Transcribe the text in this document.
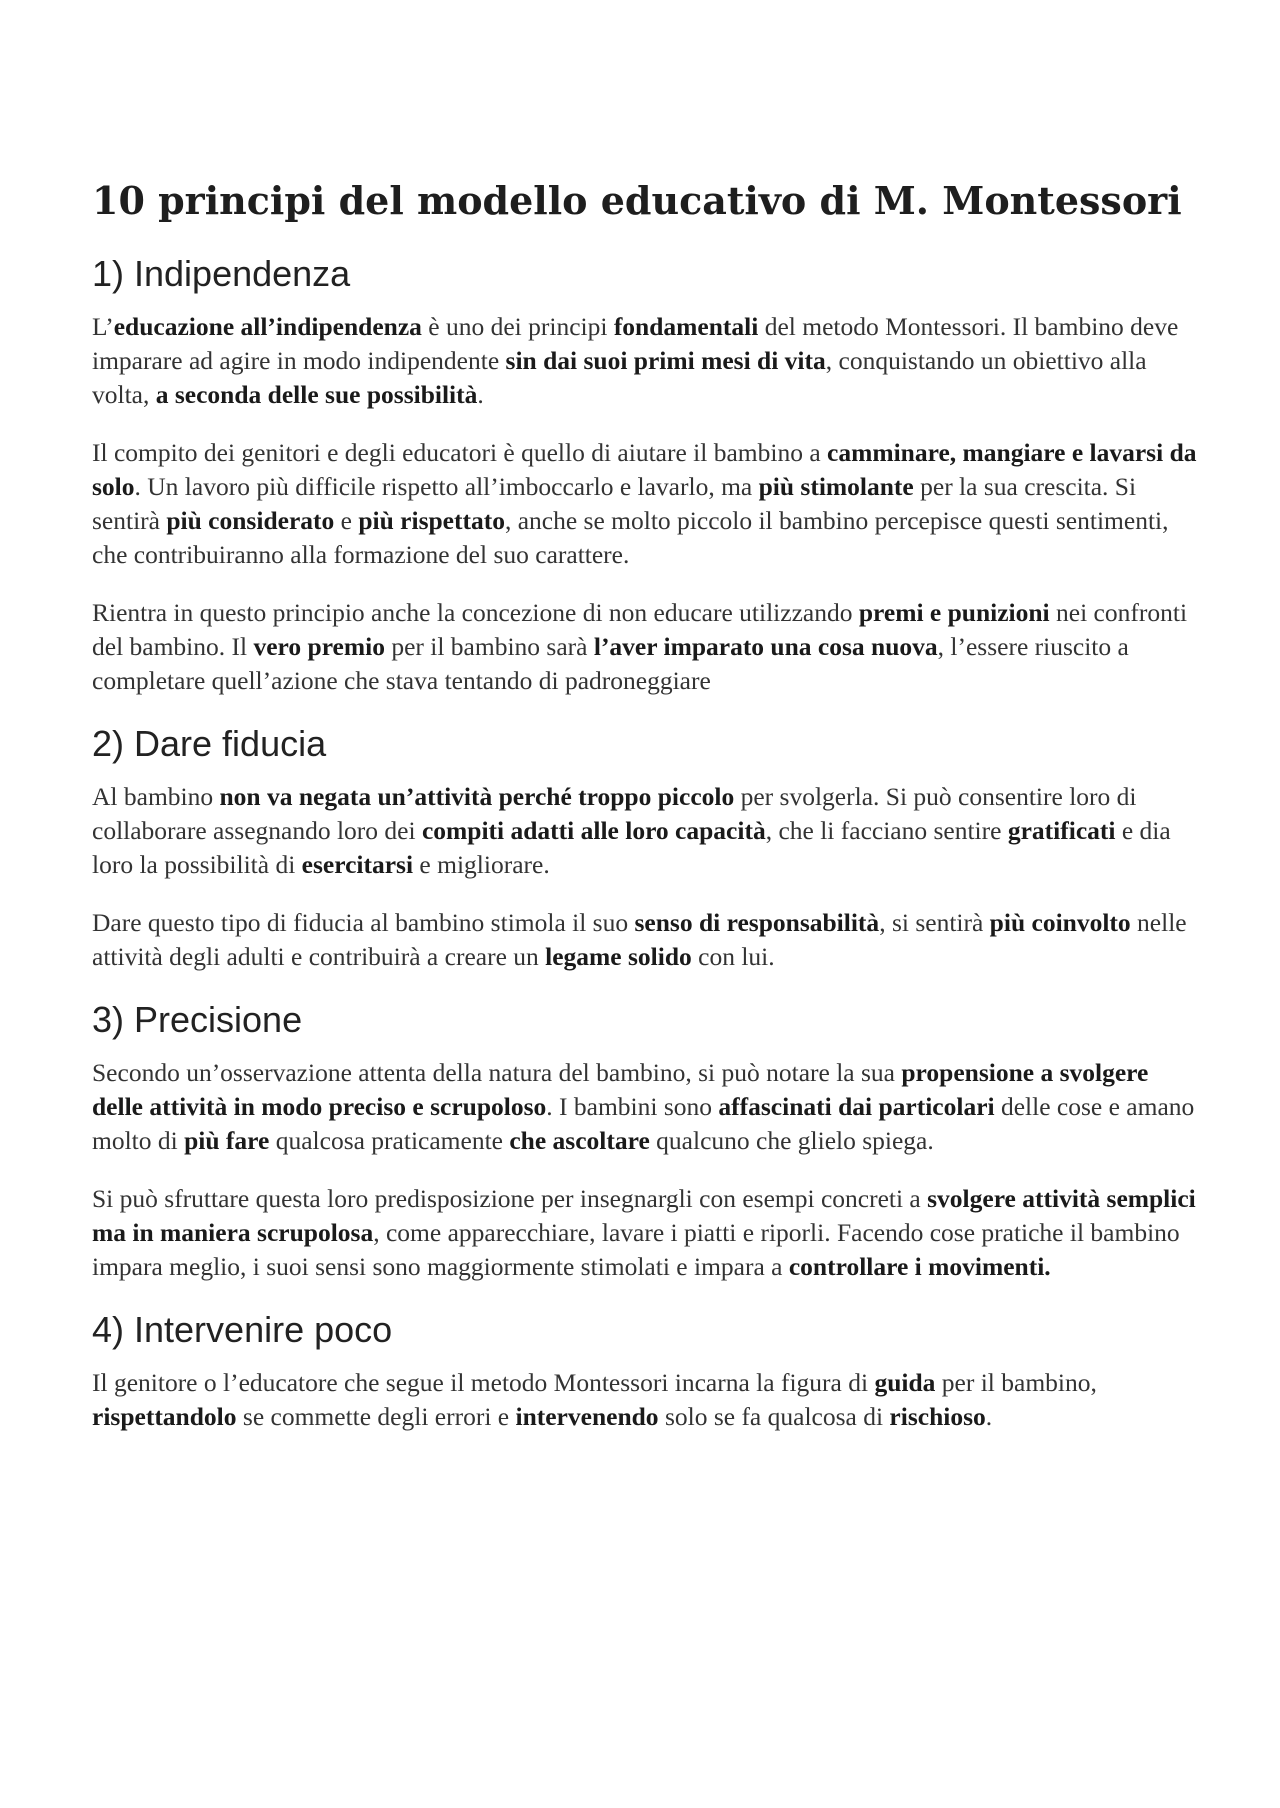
10 principi del modello educativo di M. Montessori
1) Indipendenza

L’educazione all’indipendenza è uno dei principi fondamentali del metodo Montessori. Il bambino deve imparare ad agire in modo indipendente sin dai suoi primi mesi di vita, conquistando un obiettivo alla volta, a seconda delle sue possibilità.

Il compito dei genitori e degli educatori è quello di aiutare il bambino a camminare, mangiare e lavarsi da solo. Un lavoro più difficile rispetto all’imboccarlo e lavarlo, ma più stimolante per la sua crescita. Si sentirà più considerato e più rispettato, anche se molto piccolo il bambino percepisce questi sentimenti, che contribuiranno alla formazione del suo carattere.

Rientra in questo principio anche la concezione di non educare utilizzando premi e punizioni nei confronti del bambino. Il vero premio per il bambino sarà l’aver imparato una cosa nuova, l’essere riuscito a completare quell’azione che stava tentando di padroneggiare

2) Dare fiducia

Al bambino non va negata un’attività perché troppo piccolo per svolgerla. Si può consentire loro di collaborare assegnando loro dei compiti adatti alle loro capacità, che li facciano sentire gratificati e dia loro la possibilità di esercitarsi e migliorare.

Dare questo tipo di fiducia al bambino stimola il suo senso di responsabilità, si sentirà più coinvolto nelle attività degli adulti e contribuirà a creare un legame solido con lui.

3) Precisione

Secondo un’osservazione attenta della natura del bambino, si può notare la sua propensione a svolgere delle attività in modo preciso e scrupoloso. I bambini sono affascinati dai particolari delle cose e amano molto di più fare qualcosa praticamente che ascoltare qualcuno che glielo spiega.

Si può sfruttare questa loro predisposizione per insegnargli con esempi concreti a svolgere attività semplici ma in maniera scrupolosa, come apparecchiare, lavare i piatti e riporli. Facendo cose pratiche il bambino impara meglio, i suoi sensi sono maggiormente stimolati e impara a controllare i movimenti.

4) Intervenire poco

Il genitore o l’educatore che segue il metodo Montessori incarna la figura di guida per il bambino, rispettandolo se commette degli errori e intervenendo solo se fa qualcosa di rischioso.
